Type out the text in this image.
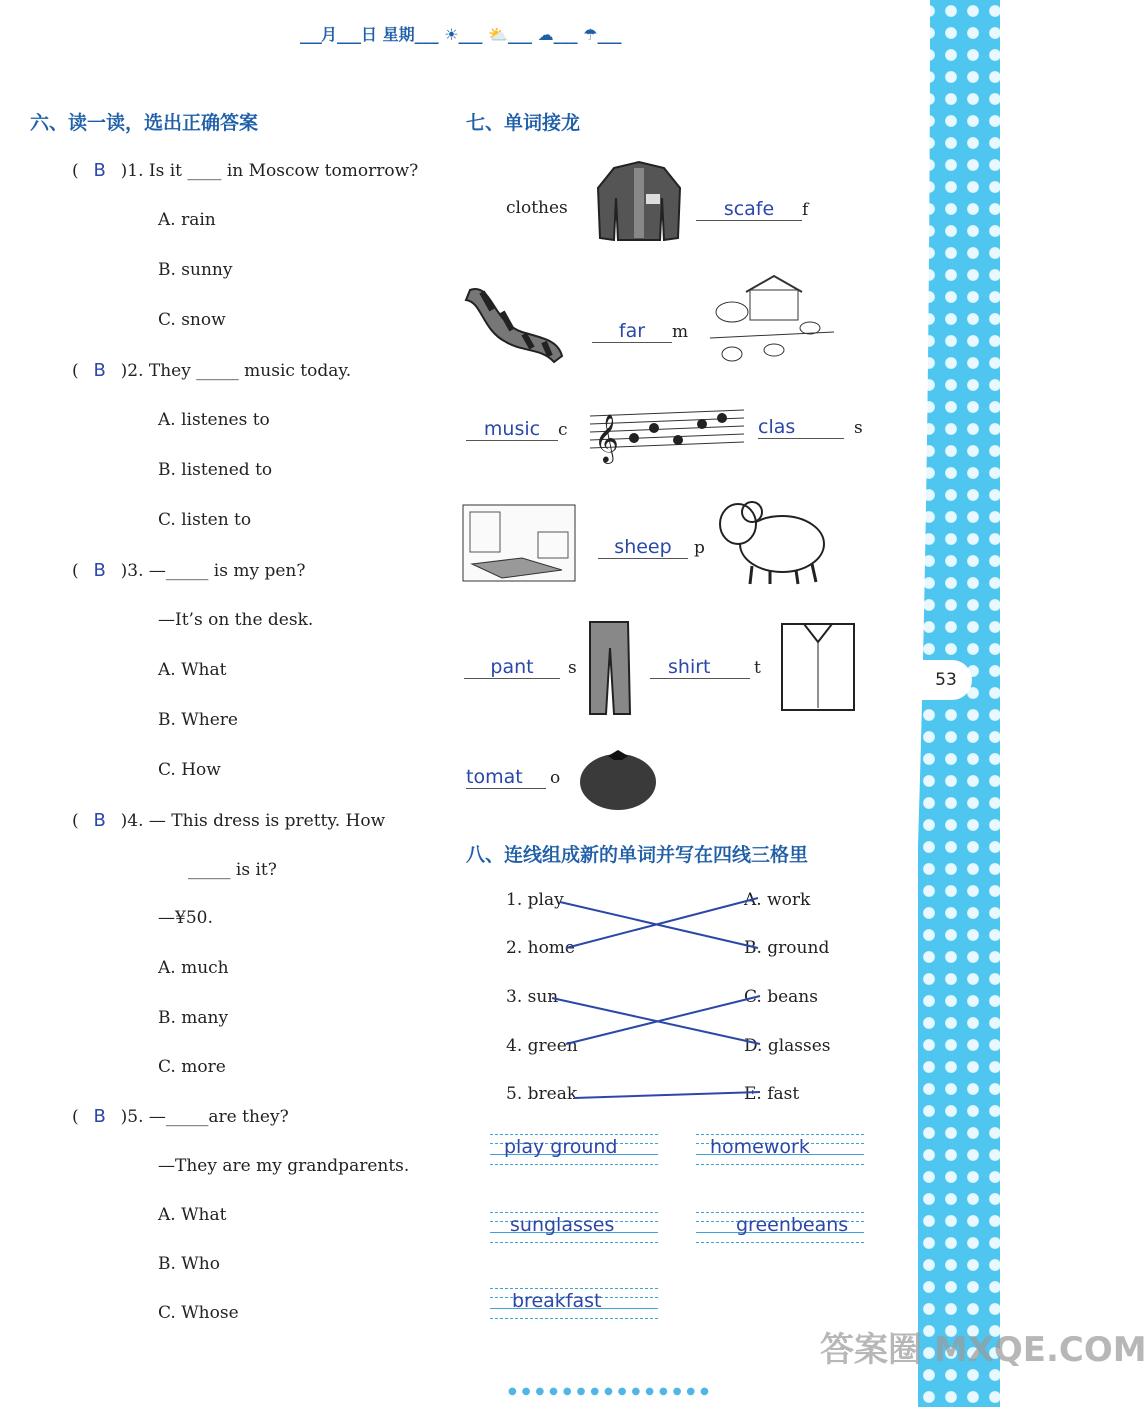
___月___日 星期___ ☀___ ⛅___ ☁___ ☂___
53
六、读一读，选出正确答案
( B )1. Is it ____ in Moscow tomorrow?
A. rain
B. sunny
C. snow
( B )2. They _____ music today.
A. listenes to
B. listened to
C. listen to
( B )3. —_____ is my pen?
—It’s on the desk.
A. What
B. Where
C. How
( B )4. — This dress is pretty. How
_____ is it?
—¥50.
A. much
B. many
C. more
( B )5. —_____are they?
—They are my grandparents.
A. What
B. Who
C. Whose
七、单词接龙
clothes
𝄞
scafe f
far m
music c	clas	s
sheep p
pant s	shirt	t
tomat o
八、连线组成新的单词并写在四线三格里
1. play
2. home
3. sun
4. green
5. break
A. work
B. ground
C. beans
D. glasses
E. fast
play ground	homework
sunglasses	greenbeans
breakfast
●●●●●●●●●●●●●●●
答案圈 MXQE.COM
